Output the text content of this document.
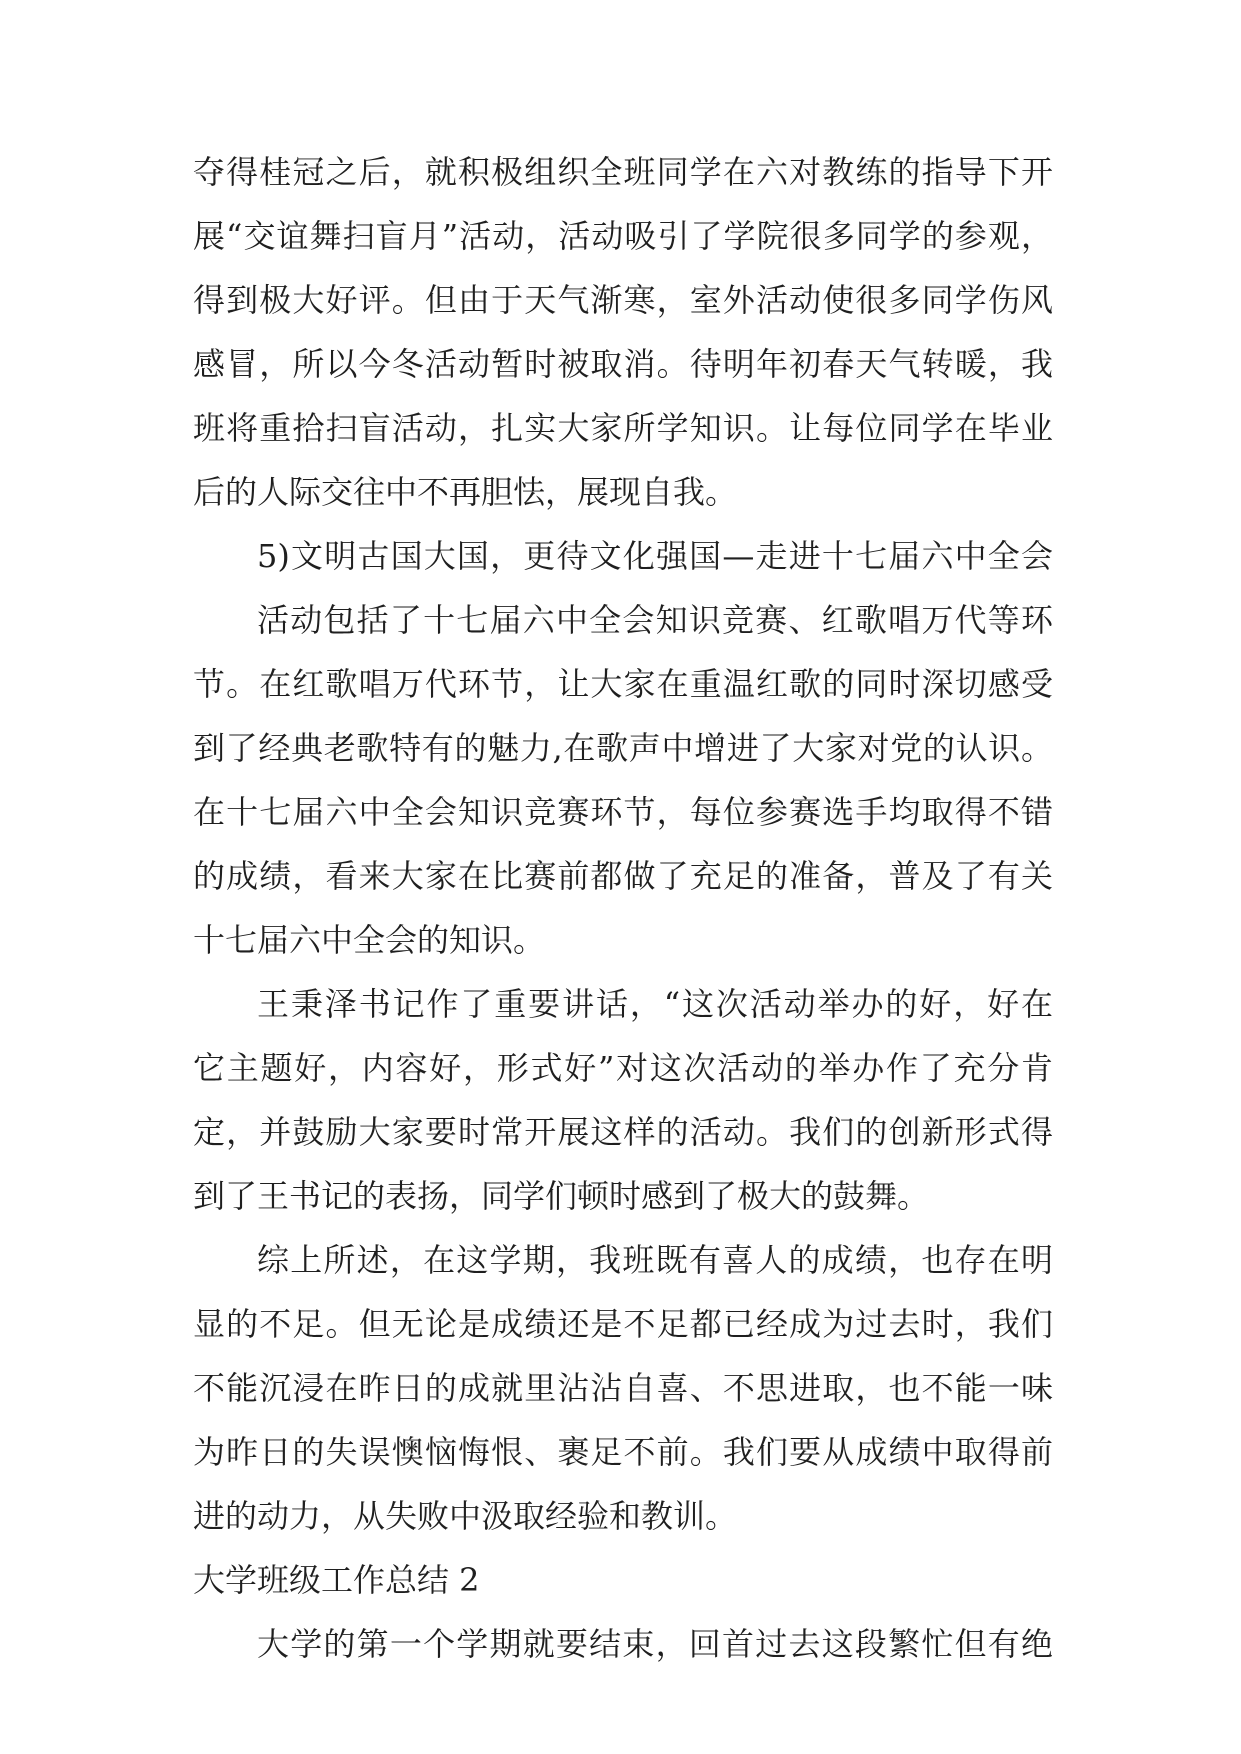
夺得桂冠之后，就积极组织全班同学在六对教练的指导下开
展“交谊舞扫盲月”活动，活动吸引了学院很多同学的参观，
得到极大好评。但由于天气渐寒，室外活动使很多同学伤风
感冒，所以今冬活动暂时被取消。待明年初春天气转暖，我
班将重拾扫盲活动，扎实大家所学知识。让每位同学在毕业
后的人际交往中不再胆怯，展现自我。
5)文明古国大国，更待文化强国—走进十七届六中全会
活动包括了十七届六中全会知识竞赛、红歌唱万代等环
节。在红歌唱万代环节，让大家在重温红歌的同时深切感受
到了经典老歌特有的魅力,在歌声中增进了大家对党的认识。
在十七届六中全会知识竞赛环节，每位参赛选手均取得不错
的成绩，看来大家在比赛前都做了充足的准备，普及了有关
十七届六中全会的知识。
王秉泽书记作了重要讲话，“这次活动举办的好，好在
它主题好，内容好，形式好”对这次活动的举办作了充分肯
定，并鼓励大家要时常开展这样的活动。我们的创新形式得
到了王书记的表扬，同学们顿时感到了极大的鼓舞。
综上所述，在这学期，我班既有喜人的成绩，也存在明
显的不足。但无论是成绩还是不足都已经成为过去时，我们
不能沉浸在昨日的成就里沾沾自喜、不思进取，也不能一味
为昨日的失误懊恼悔恨、裹足不前。我们要从成绩中取得前
进的动力，从失败中汲取经验和教训。
大学班级工作总结 2
大学的第一个学期就要结束，回首过去这段繁忙但有绝
